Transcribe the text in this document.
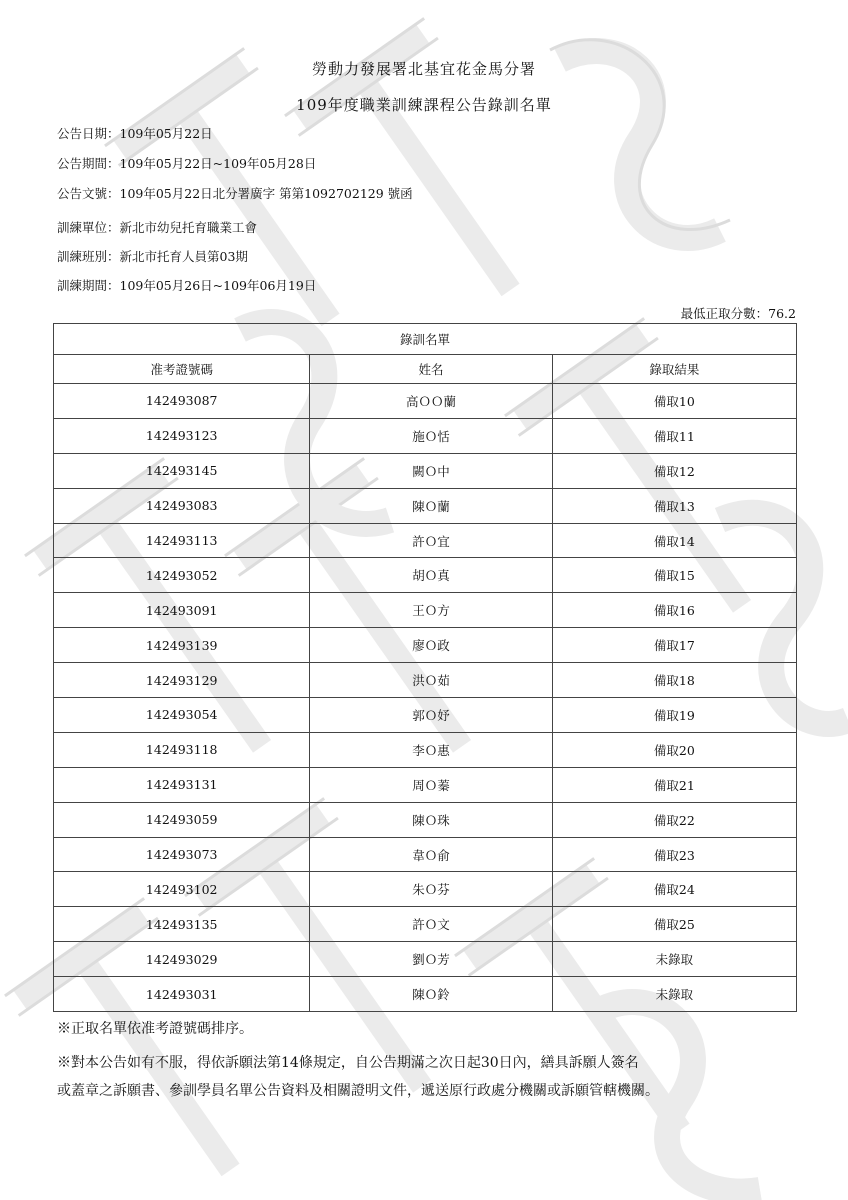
勞動力發展署北基宜花金馬分署
109年度職業訓練課程公告錄訓名單
公告日期：109年05月22日
公告期間：109年05月22日~109年05月28日
公告文號：109年05月22日北分署廣字 第第1092702129 號函
訓練單位：新北市幼兒托育職業工會
訓練班別：新北市托育人員第03期
訓練期間：109年05月26日~109年06月19日
最低正取分數：76.2
錄訓名單		
准考證號碼	姓名	錄取結果
142493087	高ＯＯ蘭	備取10
142493123	施Ｏ恬	備取11
142493145	闕Ｏ中	備取12
142493083	陳Ｏ蘭	備取13
142493113	許Ｏ宜	備取14
142493052	胡Ｏ真	備取15
142493091	王Ｏ方	備取16
142493139	廖Ｏ政	備取17
142493129	洪Ｏ茹	備取18
142493054	郭Ｏ妤	備取19
142493118	李Ｏ惠	備取20
142493131	周Ｏ蓁	備取21
142493059	陳Ｏ珠	備取22
142493073	韋Ｏ俞	備取23
142493102	朱Ｏ芬	備取24
142493135	許Ｏ文	備取25
142493029	劉Ｏ芳	未錄取
142493031	陳Ｏ鈴	未錄取
※正取名單依准考證號碼排序。
※對本公告如有不服，得依訴願法第14條規定，自公告期滿之次日起30日內，繕具訴願人簽名
或蓋章之訴願書、參訓學員名單公告資料及相關證明文件，遞送原行政處分機關或訴願管轄機關。
